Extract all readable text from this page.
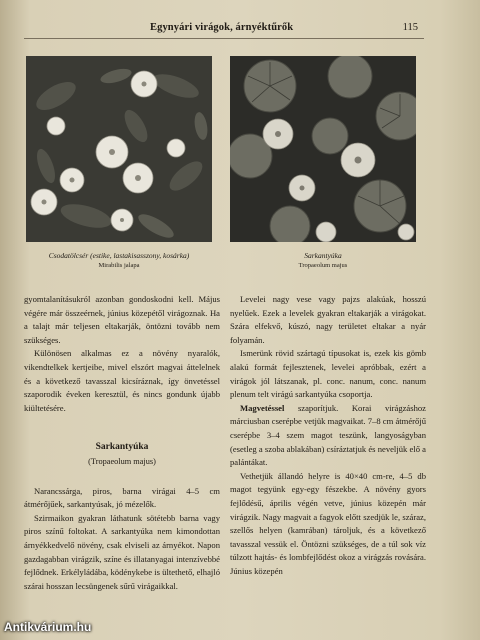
Egynyári virágok, árnyéktűrők	115
Csodatölcsér (estike, lastakisasszony, kosárka)
Mirabilis jalapa
Sarkantyúka
Tropaeolum majus

gyomtalanításukról azonban gondoskodni kell. Május végére már összeérnek, június közepétől virágoznak. Ha a talajt már teljesen eltakarják, öntözni tovább nem szükséges.

Különösen alkalmas ez a növény nyaralók, vikendtelkek kertjeibe, mivel elszórt magvai áttelelnek és a következő tavasszal kicsíráznak, így önvetéssel szaporodik éveken keresztül, és nincs gondunk újabb kiültetésére.

Sarkantyúka

(Tropaeolum majus)

Narancssárga, piros, barna virágai 4–5 cm átmérőjűek, sarkantyúsak, jó mézelők.

Szirmaikon gyakran láthatunk sötétebb barna vagy piros színű foltokat. A sarkantyúka nem kimondottan árnyékkedvelő növény, csak elviseli az árnyékot. Napon gazdagabban virágzik, színe és illatanyagai intenzívebbé fejlődnek. Erkélyládába, ködénykebe is ültethető, elhajló szárai hosszan lecsüngenek sűrű virágaikkal.

Levelei nagy vese vagy pajzs alakúak, hosszú nyelűek. Ezek a levelek gyakran eltakarják a virágokat. Szára elfekvő, kúszó, nagy területet eltakar a nyár folyamán.

Ismerünk rövid szártagú típusokat is, ezek kis gömb alakú formát fejlesztenek, levelei apróbbak, ezért a virágok jól látszanak, pl. conc. nanum, conc. nanum plenum telt virágú sarkantyúka csoportja.

Magvetéssel szaporítjuk. Korai virágzáshoz márciusban cserépbe vetjük magvaikat. 7–8 cm átmérőjű cserépbe 3–4 szem magot teszünk, langyoságyban (esetleg a szoba ablakában) csíráztatjuk és neveljük elő a palántákat.

Vethetjük állandó helyre is 40×40 cm-re, 4–5 db magot tegyünk egy-egy fészekbe. A növény gyors fejlődésű, április végén vetve, június közepén már virágzik. Nagy magvait a fagyok előtt szedjük le, száraz, szellős helyen (kamrában) tároljuk, és a következő tavasszal vessük el. Öntözni szükséges, de a túl sok víz túlzott hajtás- és lombfejlődést okoz a virágzás rovására. Június közepén

Antikvárium.hu
